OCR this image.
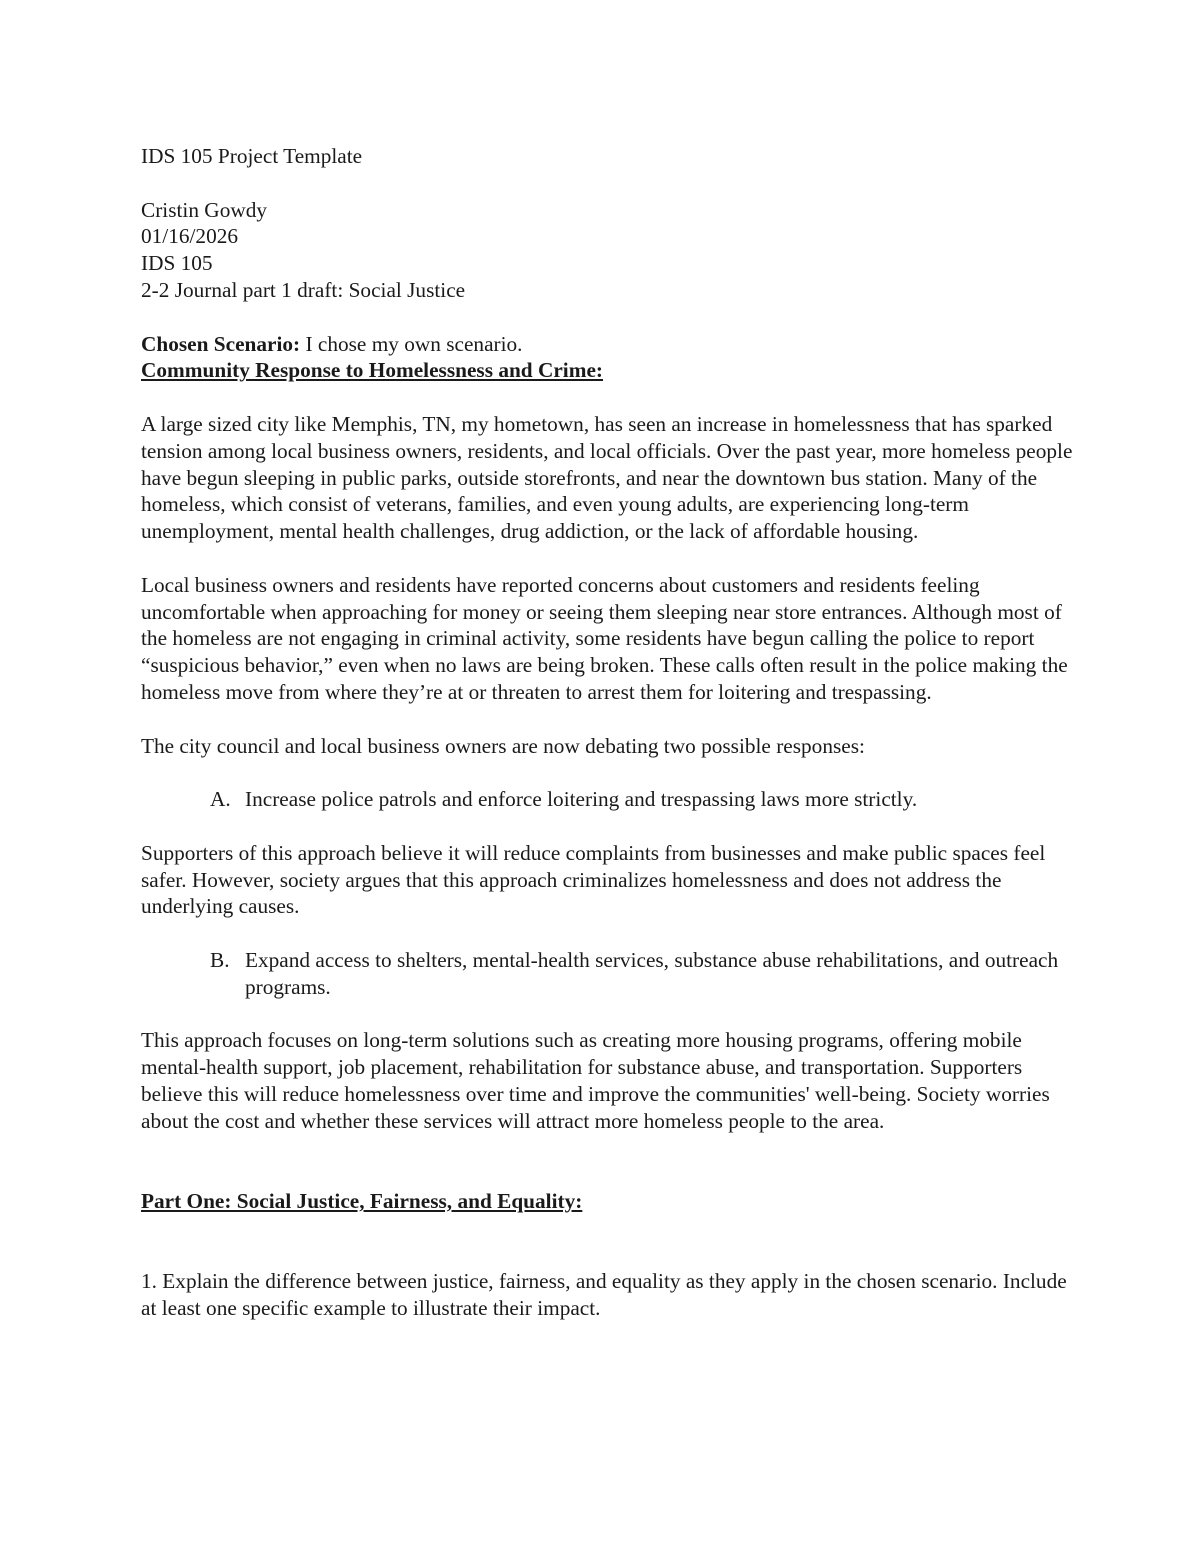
IDS 105 Project Template

Cristin Gowdy

01/16/2026

IDS 105

2-2 Journal part 1 draft: Social Justice

Chosen Scenario: I chose my own scenario.

Community Response to Homelessness and Crime:

A large sized city like Memphis, TN, my hometown, has seen an increase in homelessness that has sparked tension among local business owners, residents, and local officials. Over the past year, more homeless people have begun sleeping in public parks, outside storefronts, and near the downtown bus station. Many of the homeless, which consist of veterans, families, and even young adults, are experiencing long-term unemployment, mental health challenges, drug addiction, or the lack of affordable housing.

Local business owners and residents have reported concerns about customers and residents feeling uncomfortable when approaching for money or seeing them sleeping near store entrances. Although most of the homeless are not engaging in criminal activity, some residents have begun calling the police to report “suspicious behavior,” even when no laws are being broken. These calls often result in the police making the homeless move from where they’re at or threaten to arrest them for loitering and trespassing.

The city council and local business owners are now debating two possible responses:

A. Increase police patrols and enforce loitering and trespassing laws more strictly.

Supporters of this approach believe it will reduce complaints from businesses and make public spaces feel safer. However, society argues that this approach criminalizes homelessness and does not address the underlying causes.

B. Expand access to shelters, mental-health services, substance abuse rehabilitations, and outreach programs.

This approach focuses on long-term solutions such as creating more housing programs, offering mobile mental-health support, job placement, rehabilitation for substance abuse, and transportation. Supporters believe this will reduce homelessness over time and improve the communities' well-being. Society worries about the cost and whether these services will attract more homeless people to the area.

Part One: Social Justice, Fairness, and Equality:

1. Explain the difference between justice, fairness, and equality as they apply in the chosen scenario. Include at least one specific example to illustrate their impact.
